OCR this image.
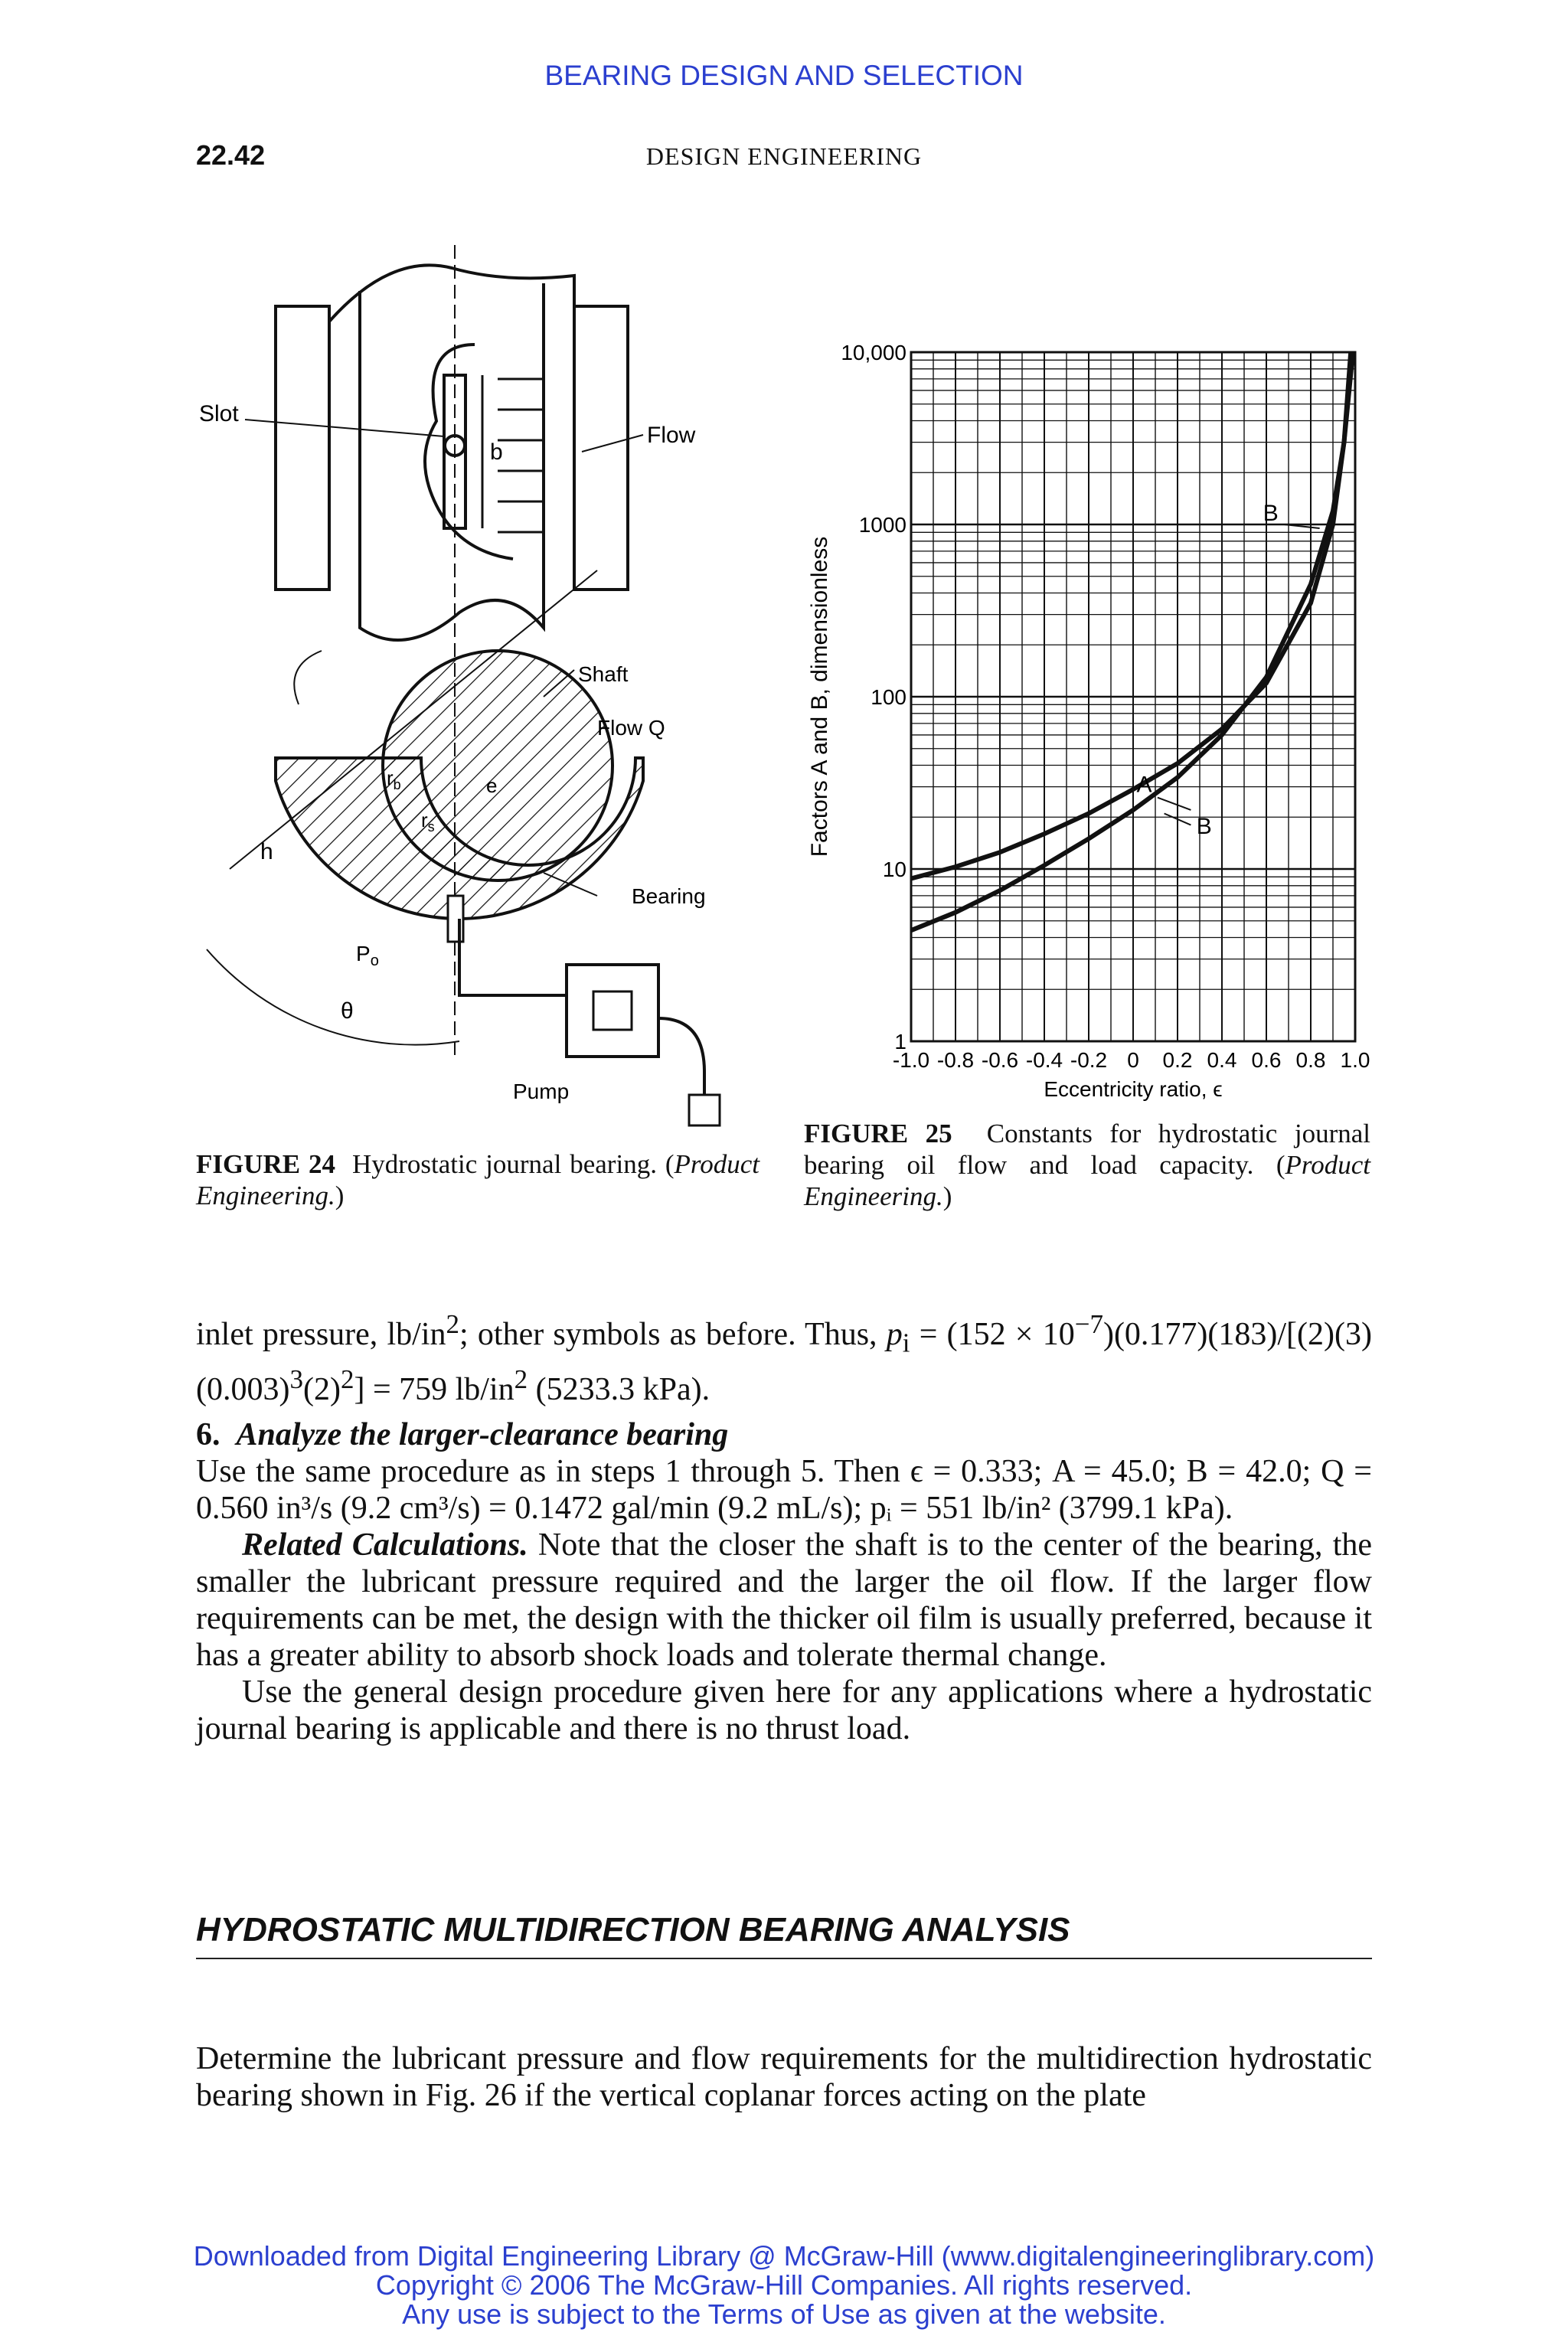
BEARING DESIGN AND SELECTION
22.42	DESIGN ENGINEERING
Slot
Flow
b
Shaft
Flow Q
e
$r_b$
$r_s$
h
Bearing
$P_o$
θ
Pump
FIGURE 24 Hydrostatic journal bearing. (Product Engineering.)
1
10
100
1000
10,000
-1.0 -0.8 -0.6 -0.4 -0.2 0 0.2 0.4 0.6 0.8 1.0
Eccentricity ratio, ϵ
Factors A and B, dimensionless	A
B
B
FIGURE 25 Constants for hydrostatic journal bearing oil flow and load capacity. (Product Engineering.)
inlet pressure, $lb/in^2$; other symbols as before. Thus, $p_i = (152 \times 10^{-7})(0.177)(183)/[(2)(3)(0.003)^3(2)^2] = 759$ $lb/in^2$ (5233.3 kPa).
6. Analyze the larger-clearance bearing
Use the same procedure as in steps 1 through 5. Then ϵ = 0.333; A = 45.0; B = 42.0; Q = 0.560 in³/s (9.2 cm³/s) = 0.1472 gal/min (9.2 mL/s); pᵢ = 551 lb/in² (3799.1 kPa).
Related Calculations. Note that the closer the shaft is to the center of the bearing, the smaller the lubricant pressure required and the larger the oil flow. If the larger flow requirements can be met, the design with the thicker oil film is usually preferred, because it has a greater ability to absorb shock loads and tolerate thermal change.
Use the general design procedure given here for any applications where a hydrostatic journal bearing is applicable and there is no thrust load.
HYDROSTATIC MULTIDIRECTION BEARING ANALYSIS
Determine the lubricant pressure and flow requirements for the multidirection hydrostatic bearing shown in Fig. 26 if the vertical coplanar forces acting on the plate
Downloaded from Digital Engineering Library @ McGraw-Hill (www.digitalengineeringlibrary.com)
Copyright © 2006 The McGraw-Hill Companies. All rights reserved.
Any use is subject to the Terms of Use as given at the website.
